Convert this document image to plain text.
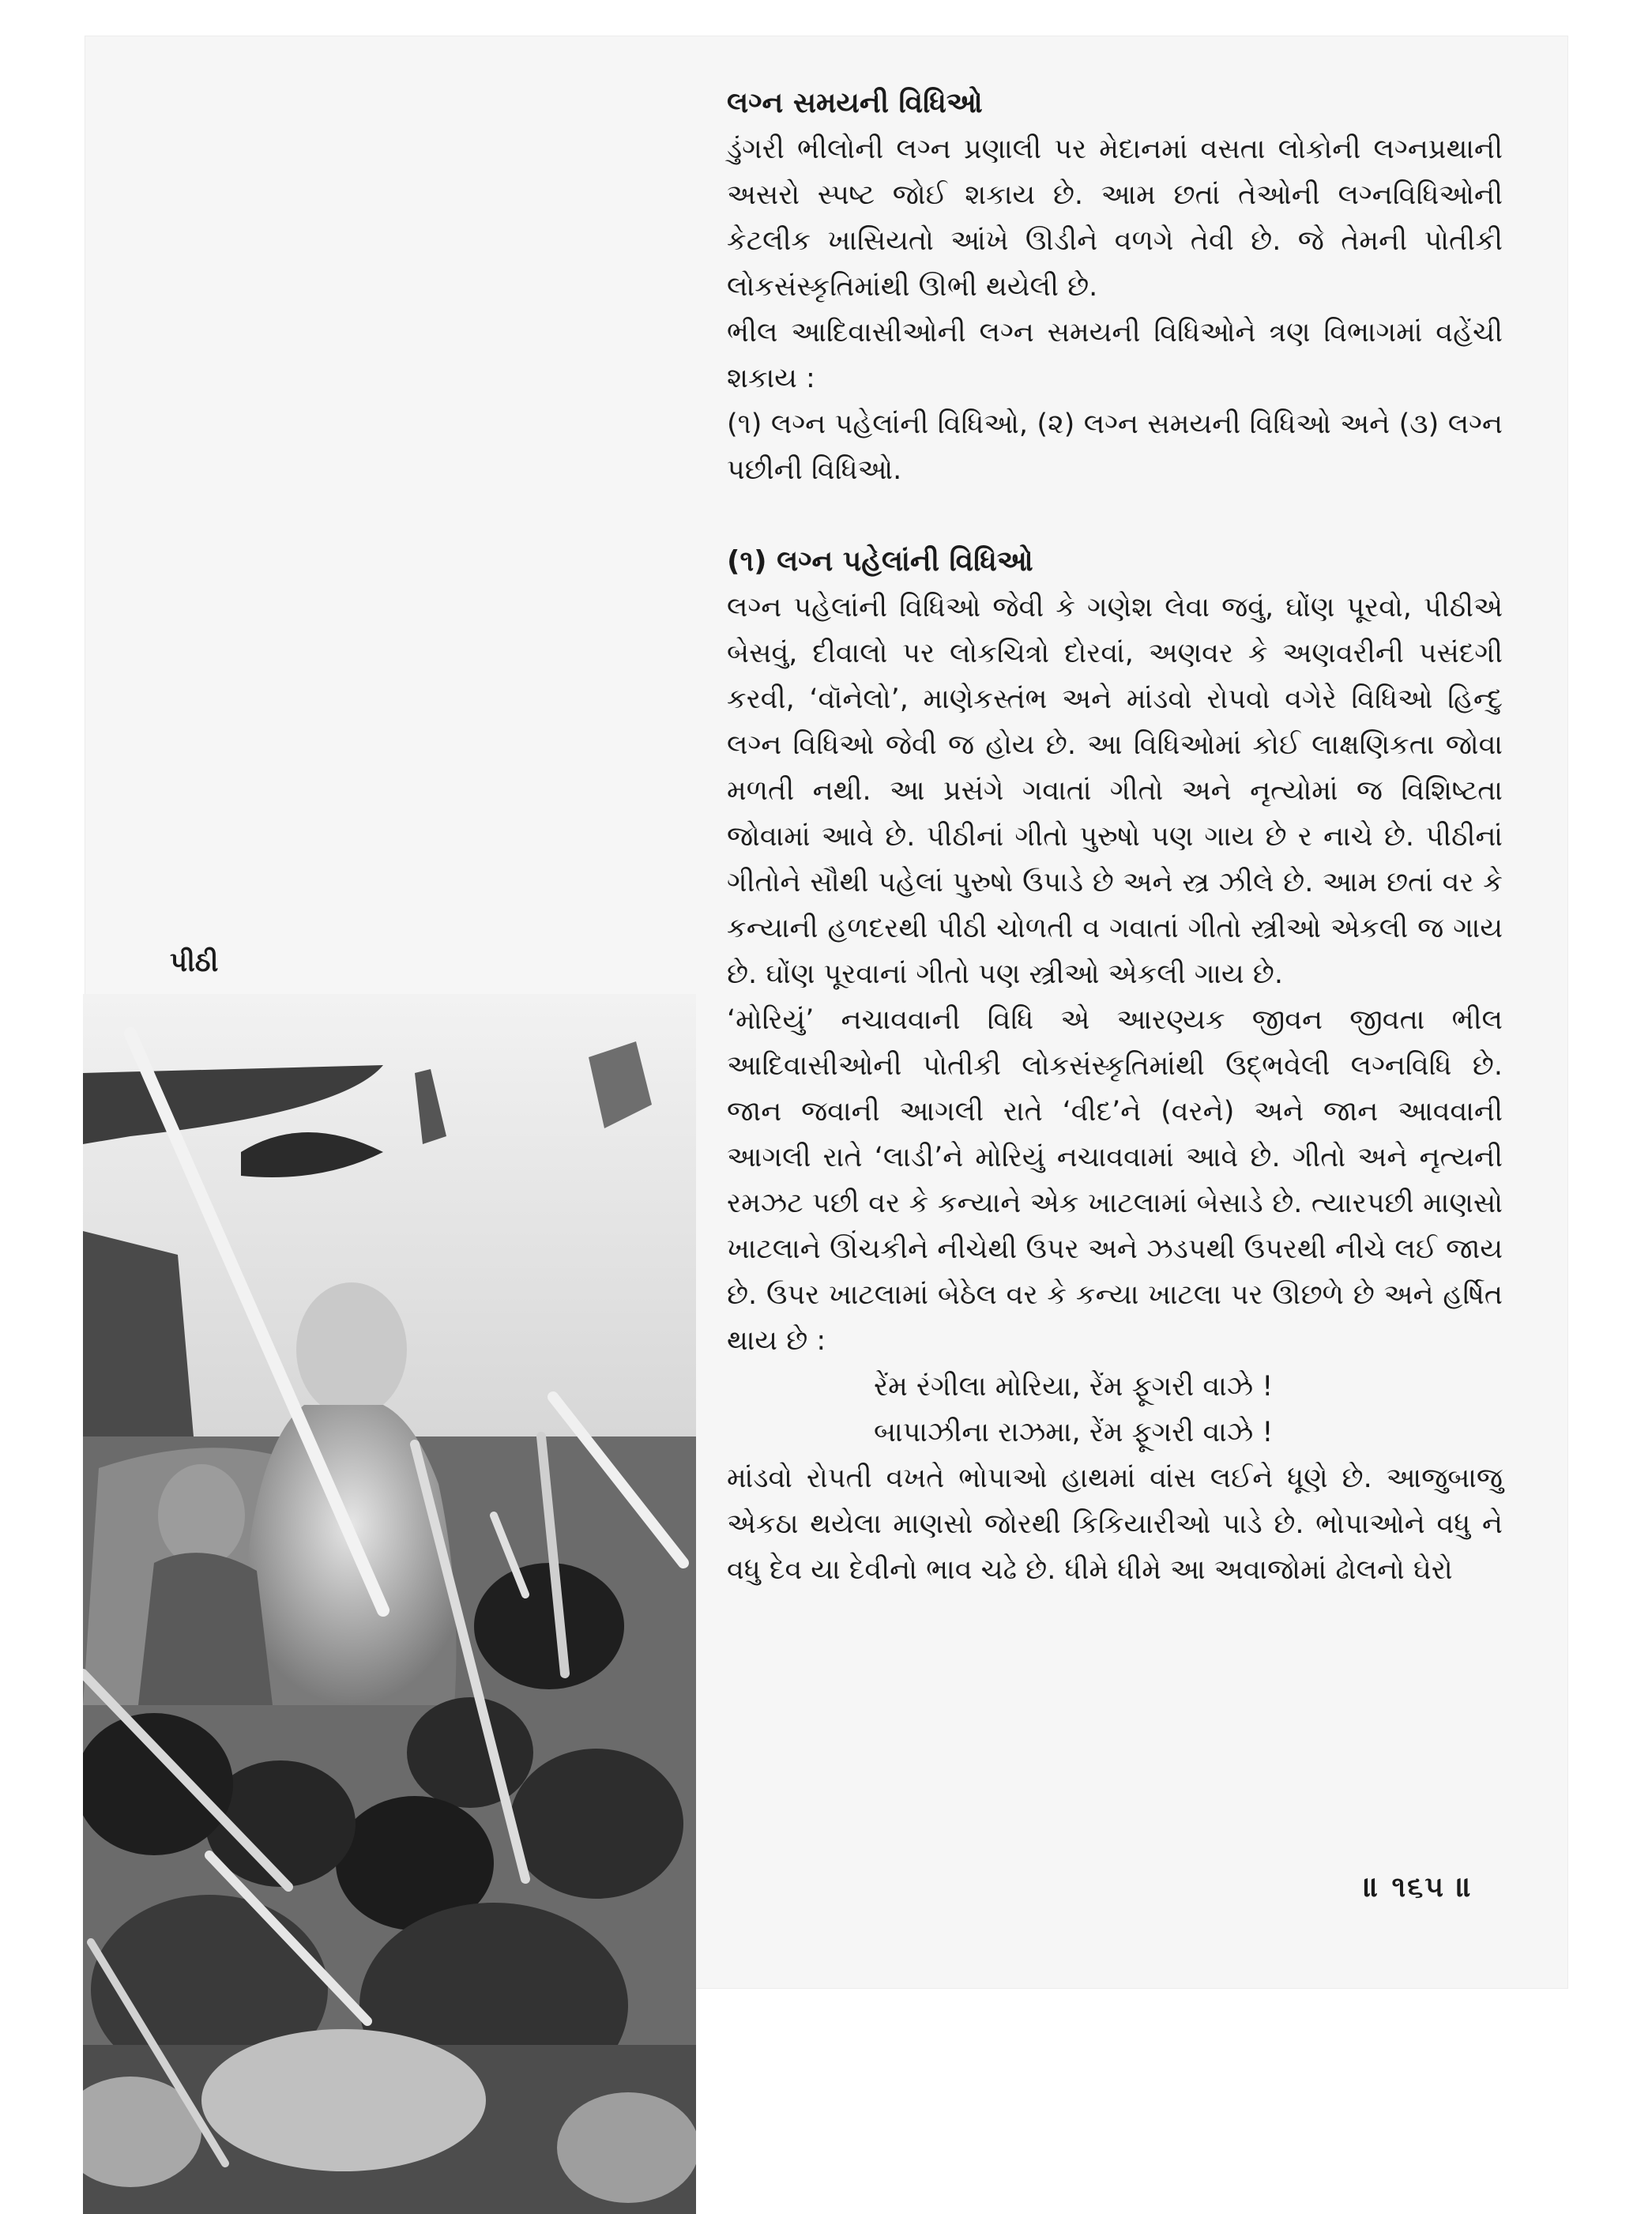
પીઠી
લગ્ન સમયની વિધિઓ

ડુંગરી ભીલોની લગ્ન પ્રણાલી પર મેદાનમાં વસતા લોકોની લગ્નપ્રથાની અસરો સ્પષ્ટ જોઈ શકાય છે. આમ છતાં તેઓની લગ્નવિધિઓની કેટલીક ખાસિયતો આંખે ઊડીને વળગે તેવી છે. જે તેમની પોતીકી લોકસંસ્કૃતિમાંથી ઊભી થયેલી છે.

ભીલ આદિવાસીઓની લગ્ન સમયની વિધિઓને ત્રણ વિભાગમાં વહેંચી શકાય :

(૧) લગ્ન પહેલાંની વિધિઓ, (૨) લગ્ન સમયની વિધિઓ અને (૩) લગ્ન પછીની વિધિઓ.

(૧) લગ્ન પહેલાંની વિધિઓ

લગ્ન પહેલાંની વિધિઓ જેવી કે ગણેશ લેવા જવું, ઘોંણ પૂરવો, પીઠીએ બેસવું, દીવાલો પર લોકચિત્રો દોરવાં, અણવર કે અણવરીની પસંદગી કરવી, ‘વૉનેલો’, માણેકસ્તંભ અને માંડવો રોપવો વગેરે વિધિઓ હિન્દુ લગ્ન વિધિઓ જેવી જ હોય છે. આ વિધિઓમાં કોઈ લાક્ષણિકતા જોવા મળતી નથી. આ પ્રસંગે ગવાતાં ગીતો અને નૃત્યોમાં જ વિશિષ્ટતા જોવામાં આવે છે. પીઠીનાં ગીતો પુરુષો પણ ગાય છે ર નાચે છે. પીઠીનાં ગીતોને સૌથી પહેલાં પુરુષો ઉપાડે છે અને સ્ત્ર ઝીલે છે. આમ છતાં વર કે કન્યાની હળદરથી પીઠી ચોળતી વ ગવાતાં ગીતો સ્ત્રીઓ એકલી જ ગાય છે. ઘોંણ પૂરવાનાં ગીતો પણ સ્ત્રીઓ એકલી ગાય છે.

‘મોરિયું’ નચાવવાની વિધિ એ આરણ્યક જીવન જીવતા ભીલ આદિવાસીઓની પોતીકી લોકસંસ્કૃતિમાંથી ઉદ્‌ભવેલી લગ્નવિધિ છે. જાન જવાની આગલી રાતે ‘વીદ’ને (વરને) અને જાન આવવાની આગલી રાતે ‘લાડી’ને મોરિયું નચાવવામાં આવે છે. ગીતો અને નૃત્યની રમઝટ પછી વર કે કન્યાને એક ખાટલામાં બેસાડે છે. ત્યારપછી માણસો ખાટલાને ઊંચકીને નીચેથી ઉપર અને ઝડપથી ઉપરથી નીચે લઈ જાય છે. ઉપર ખાટલામાં બેઠેલ વર કે કન્યા ખાટલા પર ઊછળે છે અને હર્ષિત થાય છે :

રેંમ રંગીલા મોરિયા, રેંમ ફૂગરી વાઝે !

બાપાઝીના રાઝમા, રેંમ ફૂગરી વાઝે !

માંડવો રોપતી વખતે ભોપાઓ હાથમાં વાંસ લઈને ધૂણે છે. આજુબાજુ એકઠા થયેલા માણસો જોરથી કિકિયારીઓ પાડે છે. ભોપાઓને વધુ ને વધુ દેવ યા દેવીનો ભાવ ચઢે છે. ધીમે ધીમે આ અવાજોમાં ઢોલનો ઘેરો

॥ ૧૬૫ ॥
